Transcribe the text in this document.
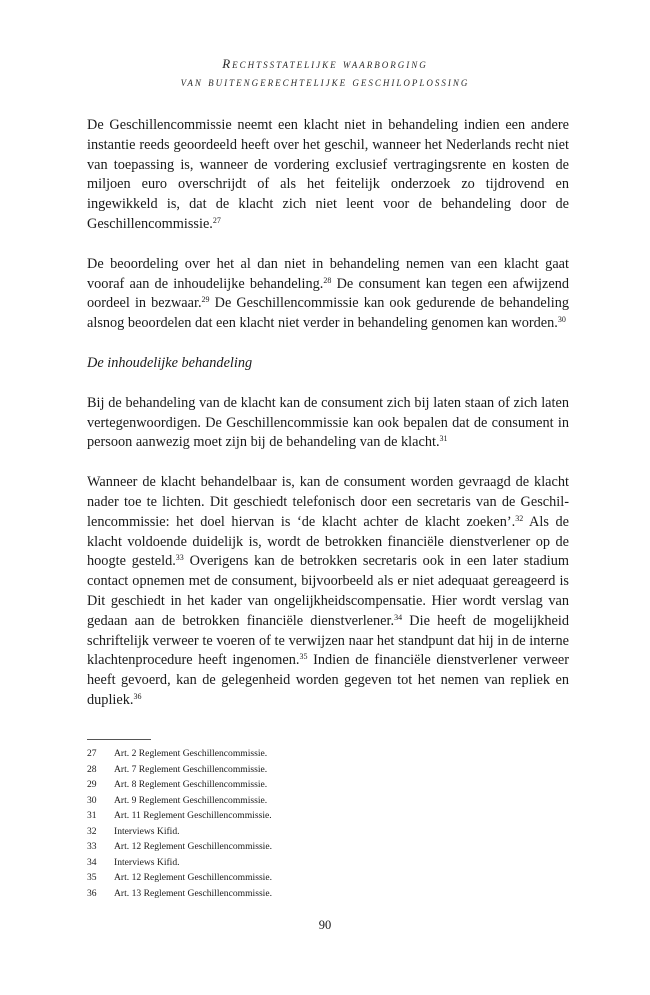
Rechtsstatelijke waarborging
van buitengerechtelijke geschiloplossing

De Geschillencommissie neemt een klacht niet in behandeling indien een andere instantie reeds geoordeeld heeft over het geschil, wanneer het Nederlands recht niet van toepassing is, wanneer de vordering exclusief vertragingsrente en kosten de miljoen euro overschrijdt of als het feitelijk onderzoek zo tijdrovend en ingewikkeld is, dat de klacht zich niet leent voor de behandeling door de Geschillencommissie.$^{27}$

De beoordeling over het al dan niet in behandeling nemen van een klacht gaat vooraf aan de inhoudelijke behandeling.$^{28}$ De consument kan tegen een afwijzend oordeel in bezwaar.$^{29}$ De Geschillencommissie kan ook gedurende de behandeling alsnog beoordelen dat een klacht niet verder in behandeling genomen kan worden.$^{30}$

De inhoudelijke behandeling

Bij de behandeling van de klacht kan de consument zich bij laten staan of zich laten vertegenwoordigen. De Geschillencommissie kan ook bepalen dat de consument in persoon aanwezig moet zijn bij de behandeling van de klacht.$^{31}$

Wanneer de klacht behandelbaar is, kan de consument worden gevraagd de klacht nader toe te lichten. Dit geschiedt telefonisch door een secretaris van de Geschillencommissie: het doel hiervan is ‘de klacht achter de klacht zoeken’.$^{32}$ Als de klacht voldoende duidelijk is, wordt de betrokken financiële dienstverlener op de hoogte gesteld.$^{33}$ Overigens kan de betrokken secretaris ook in een later stadium contact opnemen met de consument, bijvoorbeeld als er niet adequaat gereageerd is Dit geschiedt in het kader van ongelijkheidscompensatie. Hier wordt verslag van gedaan aan de betrokken financiële dienstverlener.$^{34}$ Die heeft de mogelijkheid schriftelijk verweer te voeren of te verwijzen naar het standpunt dat hij in de interne klachtenprocedure heeft ingenomen.$^{35}$ Indien de financiële dienstverlener verweer heeft gevoerd, kan de gelegenheid worden gegeven tot het nemen van repliek en dupliek.$^{36}$

27 Art. 2 Reglement Geschillencommissie.
28 Art. 7 Reglement Geschillencommissie.
29 Art. 8 Reglement Geschillencommissie.
30 Art. 9 Reglement Geschillencommissie.
31 Art. 11 Reglement Geschillencommissie.
32 Interviews Kifid.
33 Art. 12 Reglement Geschillencommissie.
34 Interviews Kifid.
35 Art. 12 Reglement Geschillencommissie.
36 Art. 13 Reglement Geschillencommissie.
90
